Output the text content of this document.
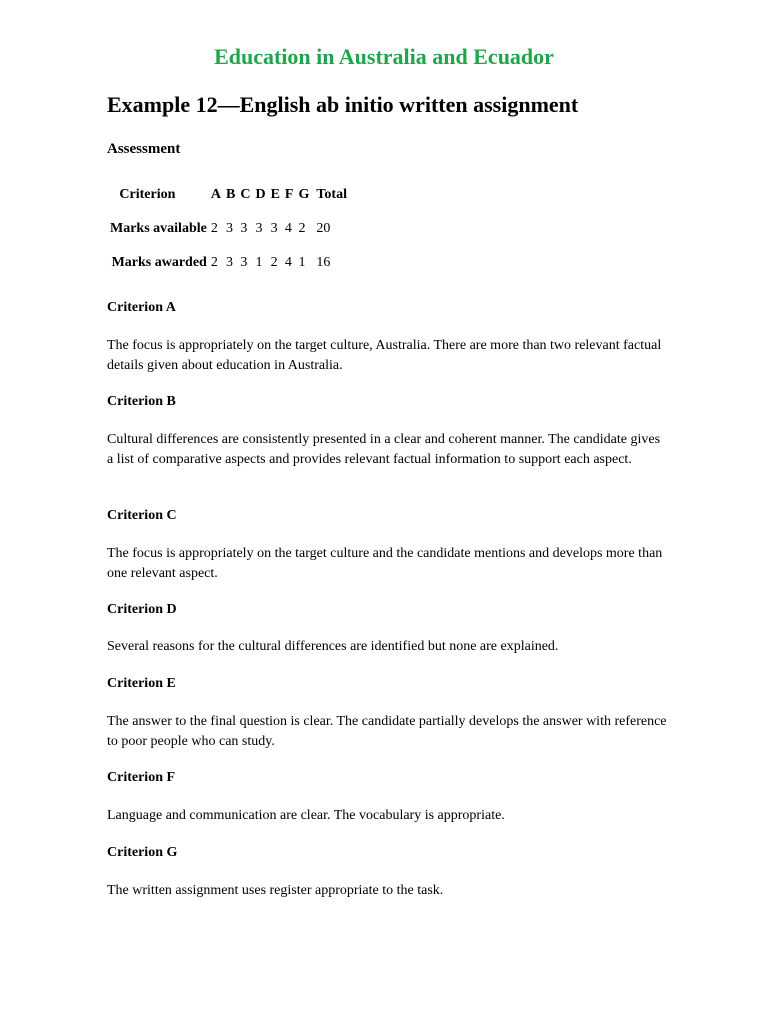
Education in Australia and Ecuador
Example 12—English ab initio written assignment
Assessment
Criterion	A	B	C	D	E	F	G	Total
Marks available	2	3	3	3	3	4	2	20
Marks awarded	2	3	3	1	2	4	1	16
Criterion A
The focus is appropriately on the target culture, Australia. There are more than two relevant factual details given about education in Australia.
Criterion B
Cultural differences are consistently presented in a clear and coherent manner. The candidate gives a list of comparative aspects and provides relevant factual information to support each aspect.
Criterion C
The focus is appropriately on the target culture and the candidate mentions and develops more than one relevant aspect.
Criterion D
Several reasons for the cultural differences are identified but none are explained.
Criterion E
The answer to the final question is clear. The candidate partially develops the answer with reference to poor people who can study.
Criterion F
Language and communication are clear. The vocabulary is appropriate.
Criterion G
The written assignment uses register appropriate to the task.
